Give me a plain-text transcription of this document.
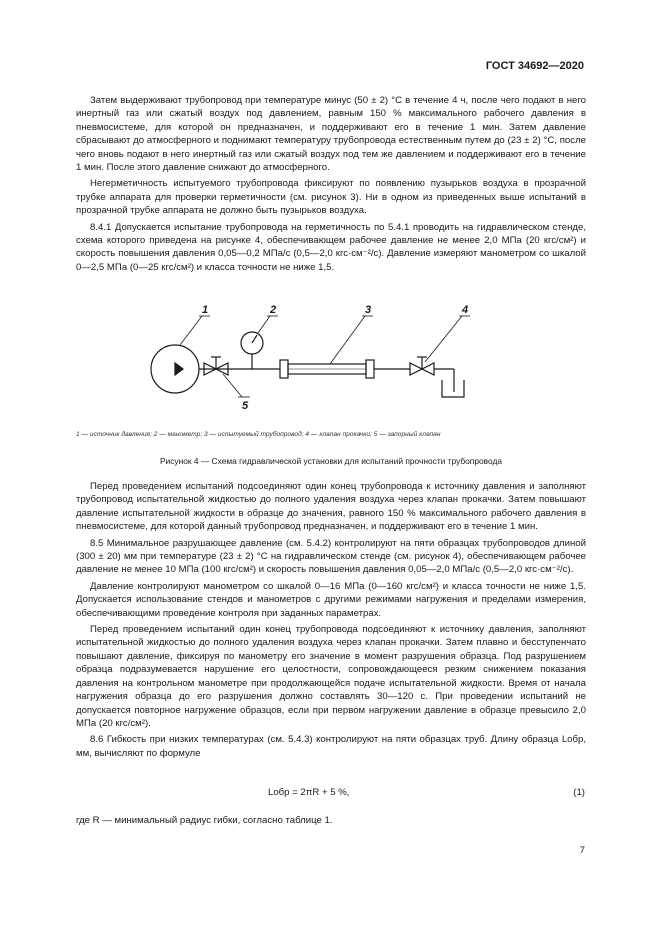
ГОСТ 34692—2020

Затем выдерживают трубопровод при температуре минус (50 ± 2) °С в течение 4 ч, после чего подают в него инертный газ или сжатый воздух под давлением, равным 150 % максимального рабочего давления в пневмосистеме, для которой он предназначен, и поддерживают его в течение 1 мин. Затем давление сбрасывают до атмосферного и поднимают температуру трубопровода естественным путем до (23 ± 2) °С, после чего вновь подают в него инертный газ или сжатый воздух под тем же давлением и поддерживают его в течение 1 мин. После этого давление снижают до атмосферного.

Негерметичность испытуемого трубопровода фиксируют по появлению пузырьков воздуха в прозрачной трубке аппарата для проверки герметичности (см. рисунок 3). Ни в одном из приведенных выше испытаний в прозрачной трубке аппарата не должно быть пузырьков воздуха.

8.4.1 Допускается испытание трубопровода на герметичность по 5.4.1 проводить на гидравлическом стенде, схема которого приведена на рисунке 4, обеспечивающем рабочее давление не менее 2,0 МПа (20 кгс/см²) и скорость повышения давления 0,05—0,2 МПа/с (0,5—2,0 кгс·см⁻²/с). Давление измеряют манометром со шкалой 0—2,5 МПа (0—25 кгс/см²) и класса точности не ниже 1,5.

1	2	3	4
5
1 — источник давления; 2 — манометр; 3 — испытуемый трубопровод; 4 — клапан прокачки; 5 — запорный клапан
Рисунок 4 — Схема гидравлической установки для испытаний прочности трубопровода

Перед проведением испытаний подсоединяют один конец трубопровода к источнику давления и заполняют трубопровод испытательной жидкостью до полного удаления воздуха через клапан прокачки. Затем повышают давление испытательной жидкости в образце до значения, равного 150 % максимального рабочего давления в пневмосистеме, для которой данный трубопровод предназначен, и поддерживают его в течение 1 мин.

8.5 Минимальное разрушающее давление (см. 5.4.2) контролируют на пяти образцах трубопроводов длиной (300 ± 20) мм при температуре (23 ± 2) °С на гидравлическом стенде (см. рисунок 4), обеспечивающем рабочее давление не менее 10 МПа (100 кгс/см²) и скорость повышения давления 0,05—2,0 МПа/с (0,5—2,0 кгс·см⁻²/с).

Давление контролируют манометром со шкалой 0—16 МПа (0—160 кгс/см²) и класса точности не ниже 1,5. Допускается использование стендов и манометров с другими режимами нагружения и пределами измерения, обеспечивающими проведение контроля при заданных параметрах.

Перед проведением испытаний один конец трубопровода подсоединяют к источнику давления, заполняют испытательной жидкостью до полного удаления воздуха через клапан прокачки. Затем плавно и бесступенчато повышают давление, фиксируя по манометру его значение в момент разрушения образца. Под разрушением образца подразумевается нарушение его целостности, сопровождающееся резким снижением показания давления на контрольном манометре при продолжающейся подаче испытательной жидкости. Время от начала нагружения образца до его разрушения должно составлять 30—120 с. При проведении испытаний не допускается повторное нагружение образцов, если при первом нагружении давление в образце превысило 2,0 МПа (20 кгс/см²).

8.6 Гибкость при низких температурах (см. 5.4.3) контролируют на пяти образцах труб. Длину образца Lобр, мм, вычисляют по формуле

Lобр = 2πR + 5 %,	(1)
где R — минимальный радиус гибки, согласно таблице 1.
7
